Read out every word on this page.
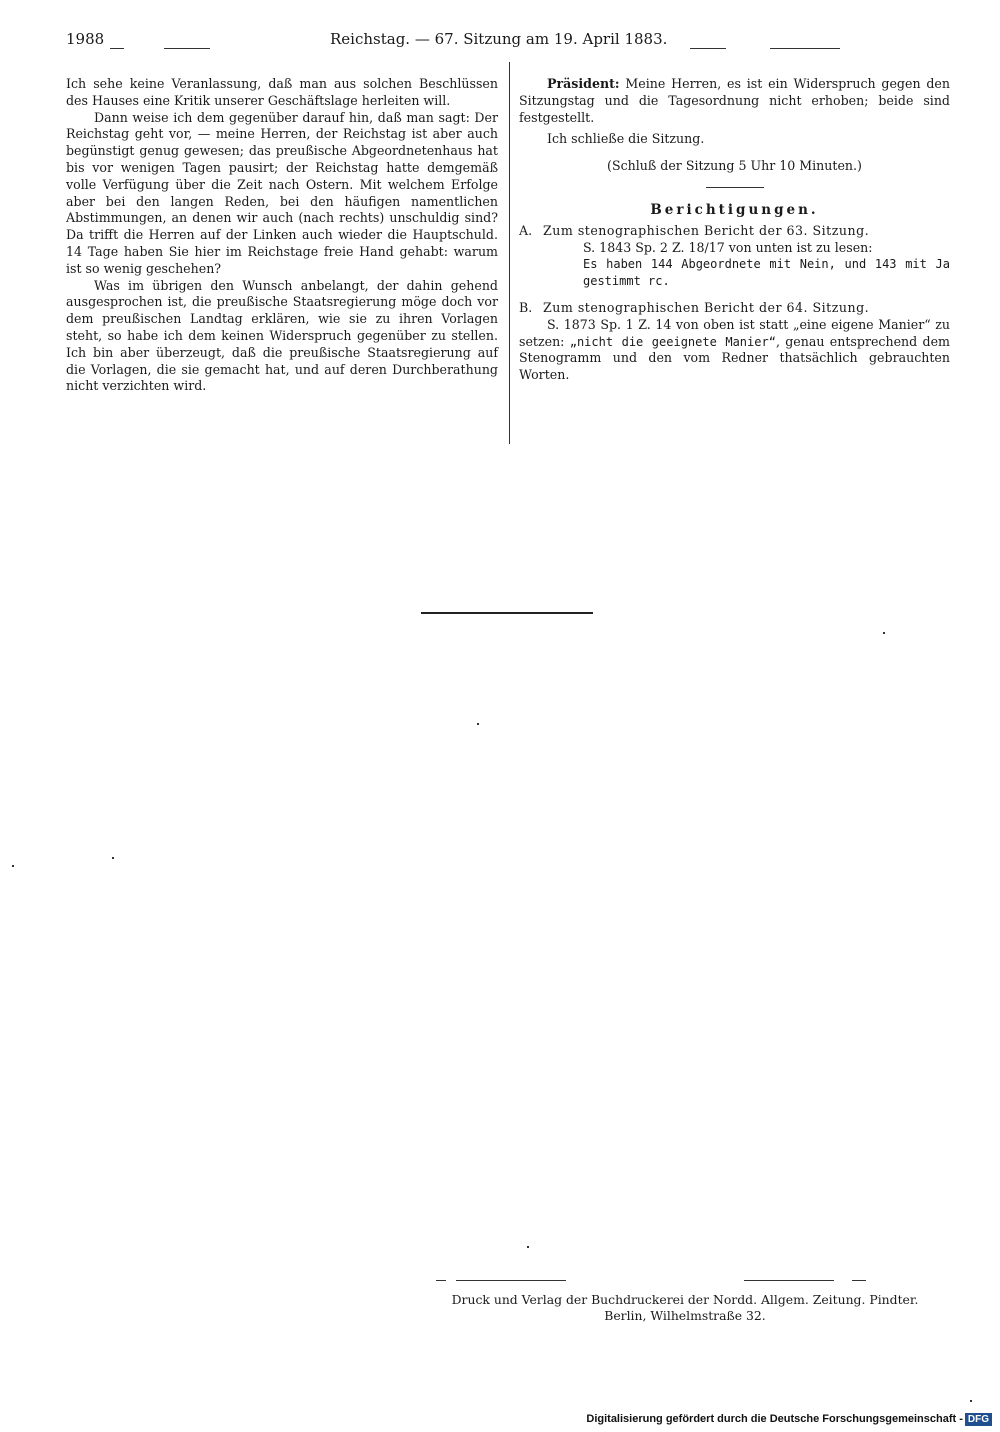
1988	Reichstag. — 67. Sitzung am 19. April 1883.

Ich sehe keine Veranlassung, daß man aus solchen Beschlüssen des Hauses eine Kritik unserer Geschäftslage herleiten will.

Dann weise ich dem gegenüber darauf hin, daß man sagt: Der Reichstag geht vor, — meine Herren, der Reichstag ist aber auch begünstigt genug gewesen; das preußische Abgeordnetenhaus hat bis vor wenigen Tagen pausirt; der Reichstag hatte demgemäß volle Verfügung über die Zeit nach Ostern. Mit welchem Erfolge aber bei den langen Reden, bei den häufigen namentlichen Abstimmungen, an denen wir auch (nach rechts) unschuldig sind? Da trifft die Herren auf der Linken auch wieder die Hauptschuld. 14 Tage haben Sie hier im Reichstage freie Hand gehabt: warum ist so wenig geschehen?

Was im übrigen den Wunsch anbelangt, der dahin gehend ausgesprochen ist, die preußische Staatsregierung möge doch vor dem preußischen Landtag erklären, wie sie zu ihren Vorlagen steht, so habe ich dem keinen Widerspruch gegenüber zu stellen. Ich bin aber überzeugt, daß die preußische Staatsregierung auf die Vorlagen, die sie gemacht hat, und auf deren Durchberathung nicht verzichten wird.

Präsident: Meine Herren, es ist ein Widerspruch gegen den Sitzungstag und die Tagesordnung nicht erhoben; beide sind festgestellt.

Ich schließe die Sitzung.

(Schluß der Sitzung 5 Uhr 10 Minuten.)

Berichtigungen.

A. Zum stenographischen Bericht der 63. Sitzung.

S. 1843 Sp. 2 Z. 18/17 von unten ist zu lesen:

Es haben 144 Abgeordnete mit Nein, und 143 mit Ja gestimmt rc.

B. Zum stenographischen Bericht der 64. Sitzung.

S. 1873 Sp. 1 Z. 14 von oben ist statt „eine eigene Manier“ zu setzen: „nicht die geeignete Manier“, genau entsprechend dem Stenogramm und den vom Redner thatsächlich gebrauchten Worten.

Druck und Verlag der Buchdruckerei der Nordd. Allgem. Zeitung. Pindter.

Berlin, Wilhelmstraße 32.

Digitalisierung gefördert durch die Deutsche Forschungsgemeinschaft - DFG
